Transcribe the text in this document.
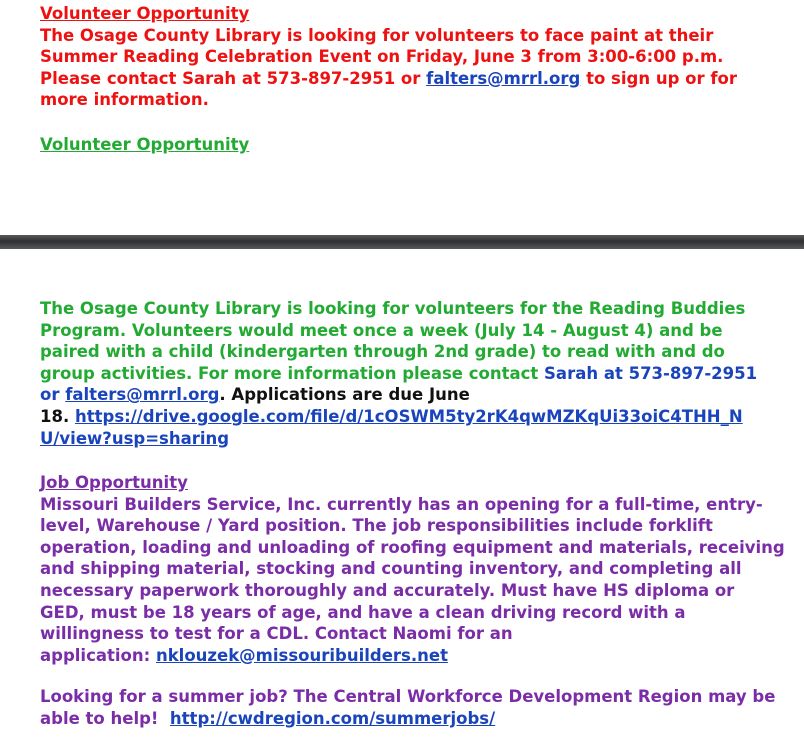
Volunteer Opportunity
The Osage County Library is looking for volunteers to face paint at their
Summer Reading Celebration Event on Friday, June 3 from 3:00-6:00 p.m.
Please contact Sarah at 573-897-2951 or falters@mrrl.org to sign up or for
more information.
Volunteer Opportunity
The Osage County Library is looking for volunteers for the Reading Buddies
Program. Volunteers would meet once a week (July 14 - August 4) and be
paired with a child (kindergarten through 2nd grade) to read with and do
group activities. For more information please contact Sarah at 573-897-2951
or falters@mrrl.org. Applications are due June
18. https://drive.google.com/file/d/1cOSWM5ty2rK4qwMZKqUi33oiC4THH_N
U/view?usp=sharing
Job Opportunity
Missouri Builders Service, Inc. currently has an opening for a full-time, entry-
level, Warehouse / Yard position. The job responsibilities include forklift
operation, loading and unloading of roofing equipment and materials, receiving
and shipping material, stocking and counting inventory, and completing all
necessary paperwork thoroughly and accurately. Must have HS diploma or
GED, must be 18 years of age, and have a clean driving record with a
willingness to test for a CDL. Contact Naomi for an
application: nklouzek@missouribuilders.net
Looking for a summer job? The Central Workforce Development Region may be
able to help!  http://cwdregion.com/summerjobs/
